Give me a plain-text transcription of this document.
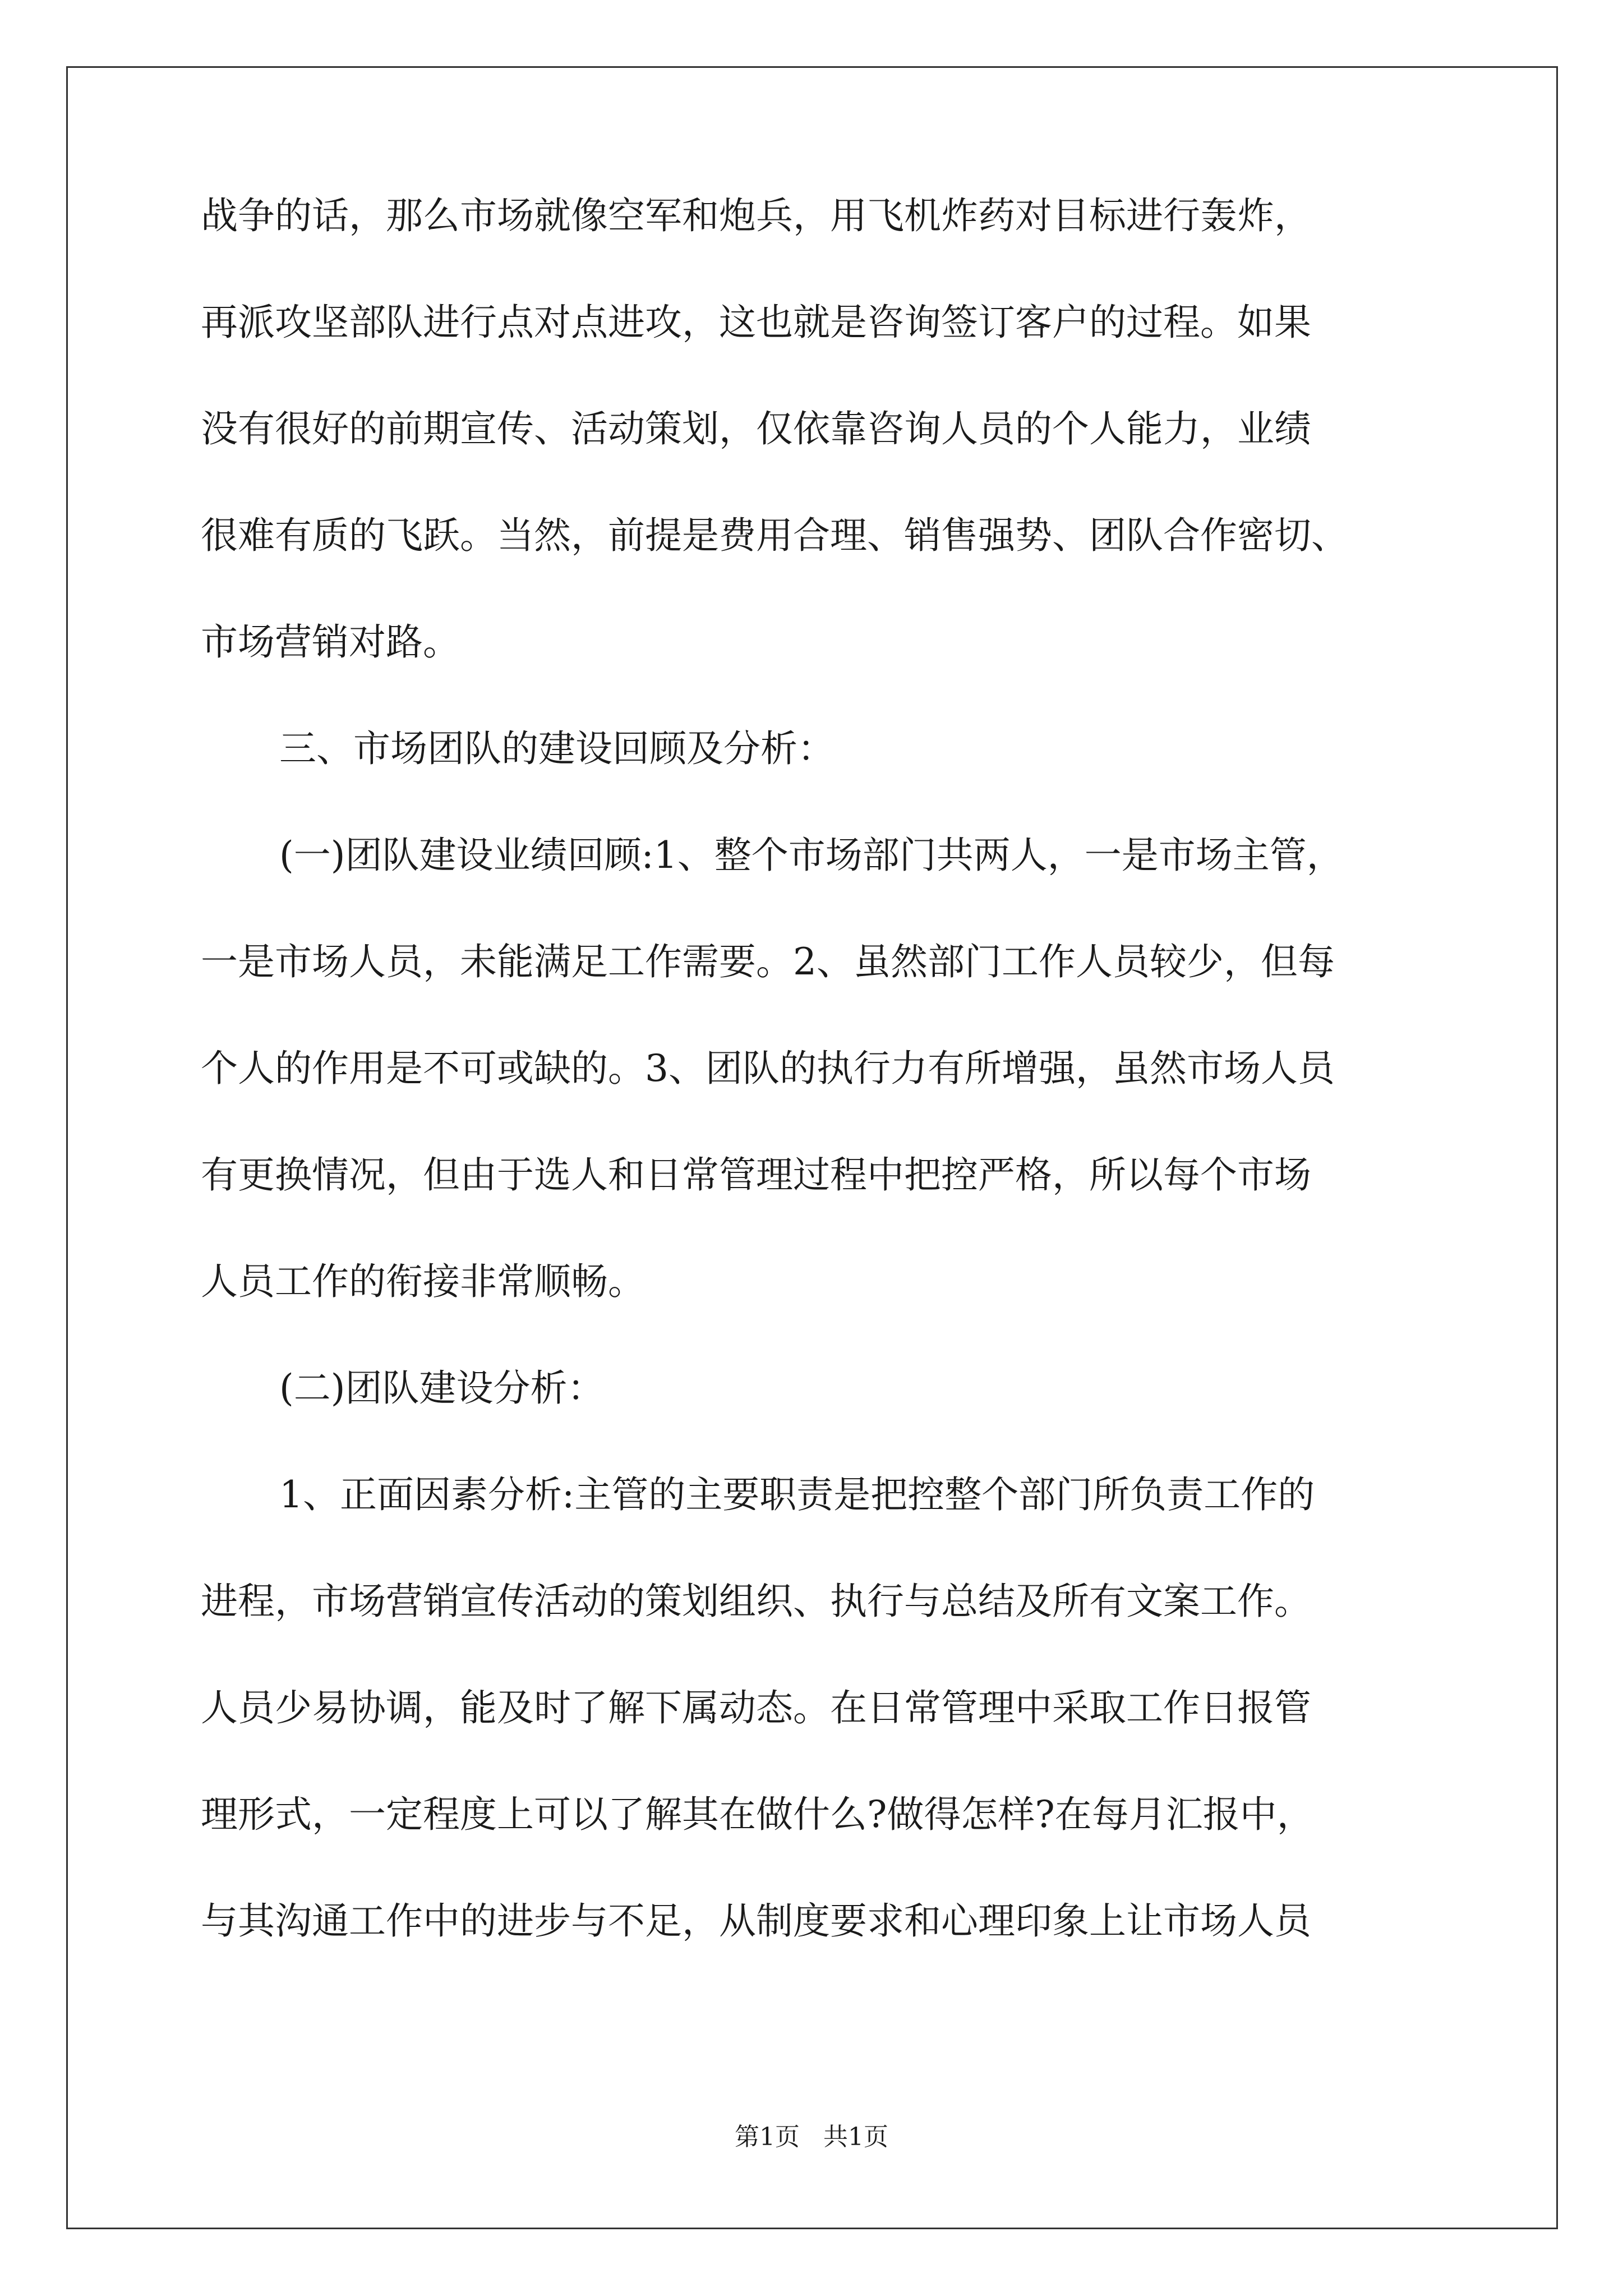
战争的话，那么市场就像空军和炮兵，用飞机炸药对目标进行轰炸，
再派攻坚部队进行点对点进攻，这也就是咨询签订客户的过程。如果
没有很好的前期宣传、活动策划，仅依靠咨询人员的个人能力，业绩
很难有质的飞跃。当然，前提是费用合理、销售强势、团队合作密切、
市场营销对路。
三、市场团队的建设回顾及分析：
(一)团队建设业绩回顾:1、整个市场部门共两人，一是市场主管，
一是市场人员，未能满足工作需要。2、虽然部门工作人员较少，但每
个人的作用是不可或缺的。3、团队的执行力有所增强，虽然市场人员
有更换情况，但由于选人和日常管理过程中把控严格，所以每个市场
人员工作的衔接非常顺畅。
(二)团队建设分析：
1、正面因素分析:主管的主要职责是把控整个部门所负责工作的
进程，市场营销宣传活动的策划组织、执行与总结及所有文案工作。
人员少易协调，能及时了解下属动态。在日常管理中采取工作日报管
理形式，一定程度上可以了解其在做什么?做得怎样?在每月汇报中，
与其沟通工作中的进步与不足，从制度要求和心理印象上让市场人员
第1页   共1页
